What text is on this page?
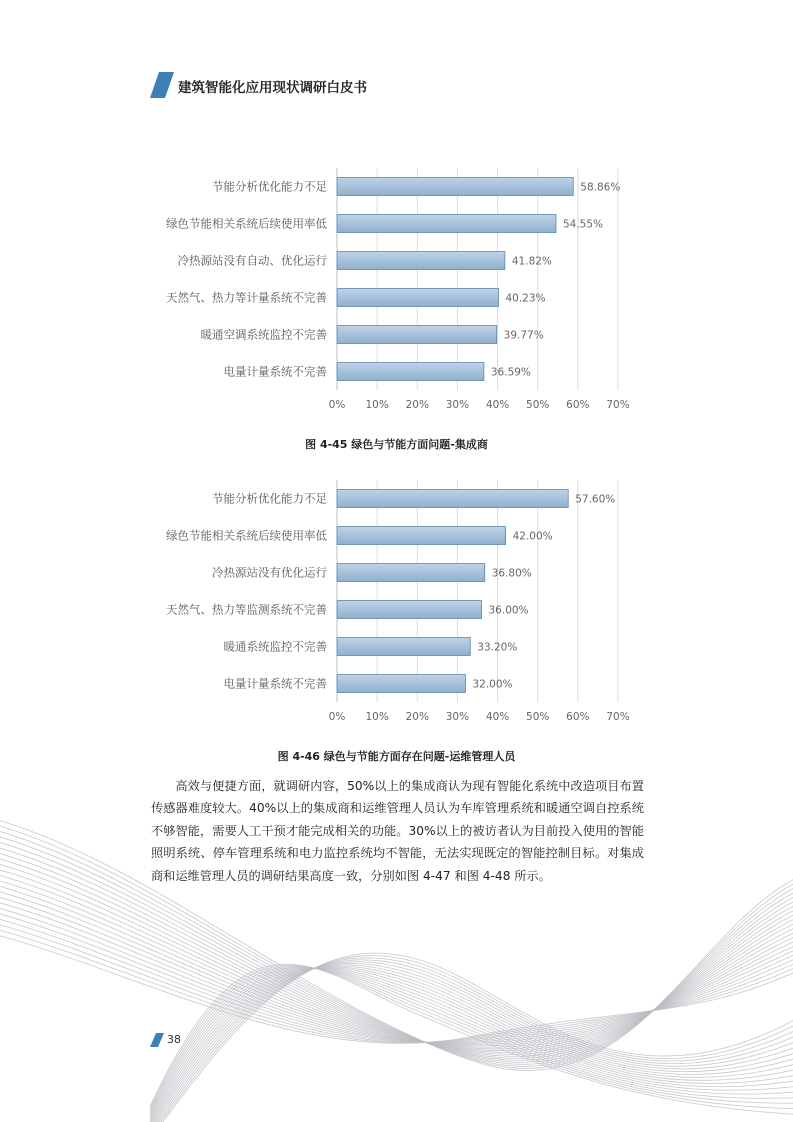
建筑智能化应用现状调研白皮书
0% 10% 20% 30% 40% 50% 60% 70%
节能分析优化能力不足	58.86%
绿色节能相关系统后续使用率低	54.55%
冷热源站没有自动、优化运行	41.82%
天然气、热力等计量系统不完善	40.23%
暖通空调系统监控不完善	39.77%
电量计量系统不完善	36.59%
图 4-45 绿色与节能方面问题-集成商
0% 10% 20% 30% 40% 50% 60% 70%
节能分析优化能力不足	57.60%
绿色节能相关系统后续使用率低	42.00%
冷热源站没有优化运行	36.80%
天然气、热力等监测系统不完善	36.00%
暖通系统监控不完善	33.20%
电量计量系统不完善	32.00%
图 4-46 绿色与节能方面存在问题-运维管理人员

高效与便捷方面，就调研内容，50%以上的集成商认为现有智能化系统中改造项目布置传感器难度较大。40%以上的集成商和运维管理人员认为车库管理系统和暖通空调自控系统不够智能，需要人工干预才能完成相关的功能。30%以上的被访者认为目前投入使用的智能照明系统、停车管理系统和电力监控系统均不智能，无法实现既定的智能控制目标。对集成商和运维管理人员的调研结果高度一致，分别如图 4-47 和图 4-48 所示。

38
